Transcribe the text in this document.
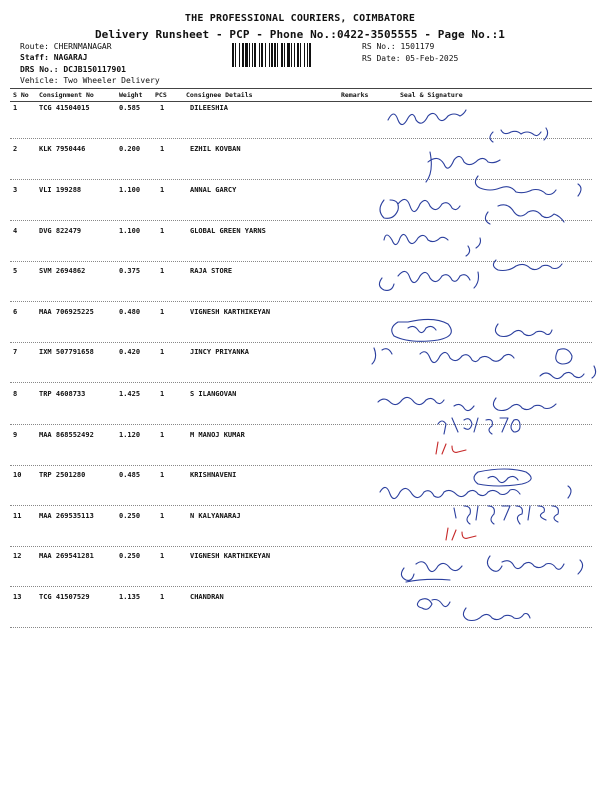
THE PROFESSIONAL COURIERS, COIMBATORE
Delivery Runsheet - PCP - Phone No.:0422-3505555 - Page No.:1
Route: CHERNMANAGAR
Staff: NAGARAJ
DRS No.: DCJB150117901
Vehicle: Two Wheeler Delivery
RS No.: 1501179
RS Date: 05-Feb-2025
S No Consignment No	Weight PCS	Consignee Details	Remarks	Seal & Signature
1	TCG 41504015	0.585	1	DILEESHIA
2	KLK 7950446	0.200	1	EZHIL KOVBAN
3	VLI 199288	1.100	1	ANNAL GARCY
4	DVG 822479	1.100	1	GLOBAL GREEN YARNS
5	SVM 2694862	0.375	1	RAJA STORE
6	MAA 706925225	0.480	1	VIGNESH KARTHIKEYAN
7	IXM 507791658	0.420	1	JINCY PRIYANKA
8	TRP 4608733	1.425	1	S ILANGOVAN
9	MAA 868552492	1.120	1	M MANOJ KUMAR
10	TRP 2501280	0.485	1	KRISHNAVENI
11	MAA 269535113	0.250	1	N KALYANARAJ
12	MAA 269541281	0.250	1	VIGNESH KARTHIKEYAN
13	TCG 41507529	1.135	1	CHANDRAN
